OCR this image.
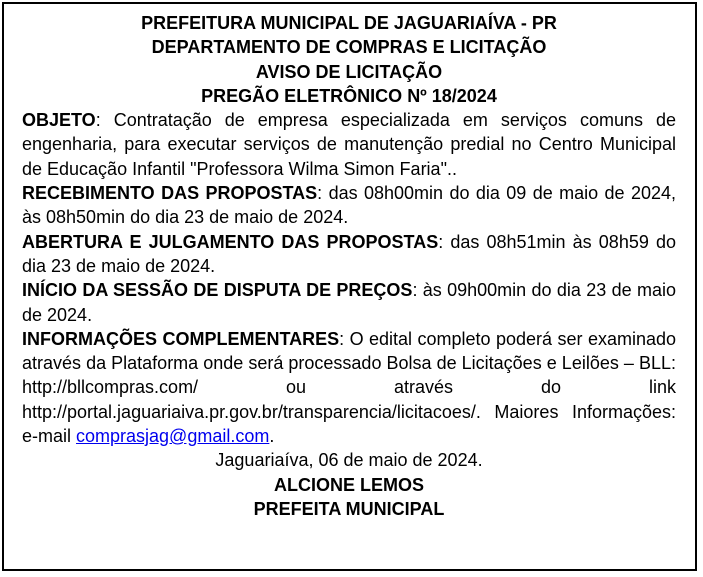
PREFEITURA MUNICIPAL DE JAGUARIAÍVA - PR

DEPARTAMENTO DE COMPRAS E LICITAÇÃO

AVISO DE LICITAÇÃO

PREGÃO ELETRÔNICO Nº 18/2024

OBJETO: Contratação de empresa especializada em serviços comuns de engenharia, para executar serviços de manutenção predial no Centro Municipal de Educação Infantil "Professora Wilma Simon Faria"..

RECEBIMENTO DAS PROPOSTAS: das 08h00min do dia 09 de maio de 2024, às 08h50min do dia 23 de maio de 2024.

ABERTURA E JULGAMENTO DAS PROPOSTAS: das 08h51min às 08h59 do dia 23 de maio de 2024.

INÍCIO DA SESSÃO DE DISPUTA DE PREÇOS: às 09h00min do dia 23 de maio de 2024.

INFORMAÇÕES COMPLEMENTARES: O edital completo poderá ser examinado através da Plataforma onde será processado Bolsa de Licitações e Leilões – BLL: http://bllcompras.com/ ou através do link http://portal.jaguariaiva.pr.gov.br/transparencia/licitacoes/. Maiores Informações: e-mail comprasjag@gmail.com.

Jaguariaíva, 06 de maio de 2024.

ALCIONE LEMOS

PREFEITA MUNICIPAL
